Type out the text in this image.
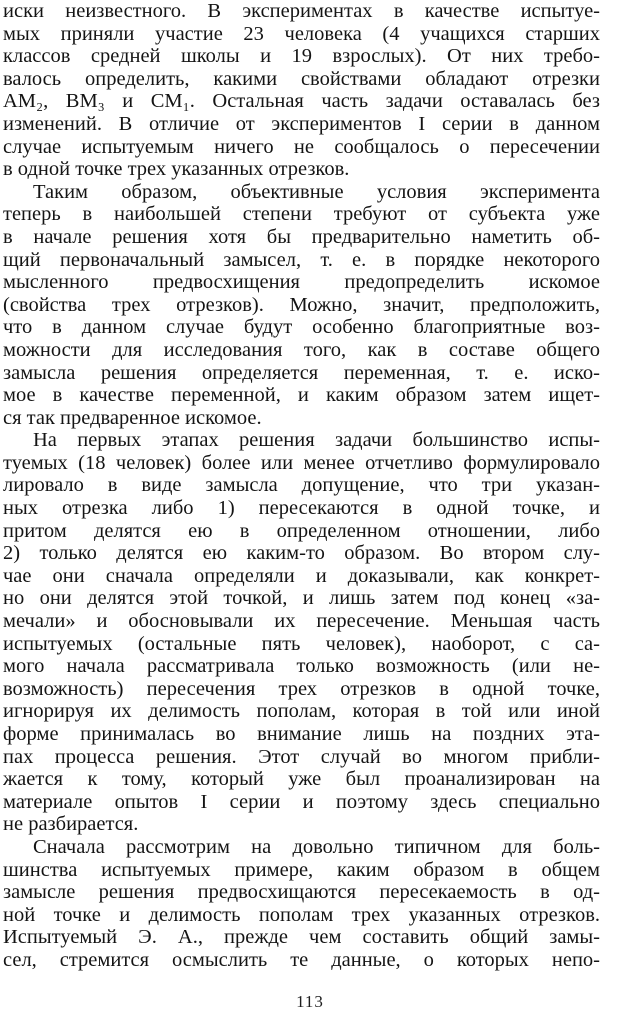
иски неизвестного. В экспериментах в качестве испытуе-
мых приняли участие 23 человека (4 учащихся старших
классов средней школы и 19 взрослых). От них требо-
валось определить, какими свойствами обладают отрезки
AM₂, BM₃ и CM₁. Остальная часть задачи оставалась без
изменений. В отличие от экспериментов I серии в данном
случае испытуемым ничего не сообщалось о пересечении
в одной точке трех указанных отрезков.
Таким образом, объективные условия эксперимента
теперь в наибольшей степени требуют от субъекта уже
в начале решения хотя бы предварительно наметить об-
щий первоначальный замысел, т. е. в порядке некоторого
мысленного предвосхищения предопределить искомое
(свойства трех отрезков). Можно, значит, предположить,
что в данном случае будут особенно благоприятные воз-
можности для исследования того, как в составе общего
замысла решения определяется переменная, т. е. иско-
мое в качестве переменной, и каким образом затем ищет-
ся так предваренное искомое.
На первых этапах решения задачи большинство испы-
туемых (18 человек) более или менее отчетливо формулировало
лировало в виде замысла допущение, что три указан-
ных отрезка либо 1) пересекаются в одной точке, и
притом делятся ею в определенном отношении, либо
2) только делятся ею каким-то образом. Во втором слу-
чае они сначала определяли и доказывали, как конкрет-
но они делятся этой точкой, и лишь затем под конец «за-
мечали» и обосновывали их пересечение. Меньшая часть
испытуемых (остальные пять человек), наоборот, с са-
мого начала рассматривала только возможность (или не-
возможность) пересечения трех отрезков в одной точке,
игнорируя их делимость пополам, которая в той или иной
форме принималась во внимание лишь на поздних эта-
пах процесса решения. Этот случай во многом прибли-
жается к тому, который уже был проанализирован на
материале опытов I серии и поэтому здесь специально
не разбирается.
Сначала рассмотрим на довольно типичном для боль-
шинства испытуемых примере, каким образом в общем
замысле решения предвосхищаются пересекаемость в од-
ной точке и делимость пополам трех указанных отрезков.
Испытуемый Э. А., прежде чем составить общий замы-
сел, стремится осмыслить те данные, о которых непо-
113
